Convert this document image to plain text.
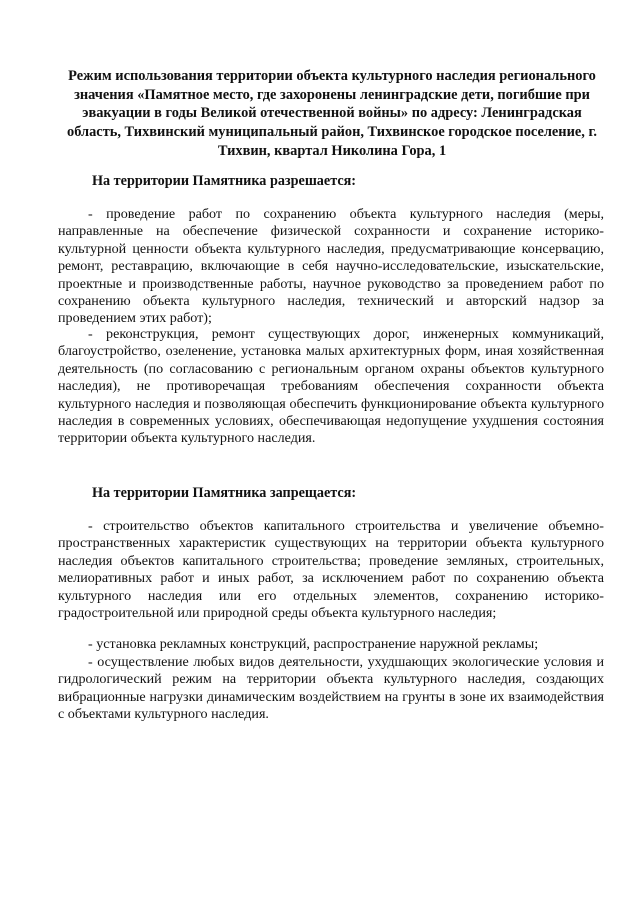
Режим использования территории объекта культурного наследия регионального значения «Памятное место, где захоронены ленинградские дети, погибшие при эвакуации в годы Великой отечественной войны» по адресу: Ленинградская область, Тихвинский муниципальный район, Тихвинское городское поселение, г. Тихвин, квартал Николина Гора, 1
На территории Памятника разрешается:

- проведение работ по сохранению объекта культурного наследия (меры, направленные на обеспечение физической сохранности и сохранение историко-культурной ценности объекта культурного наследия, предусматривающие консервацию, ремонт, реставрацию, включающие в себя научно-исследовательские, изыскательские, проектные и производственные работы, научное руководство за проведением работ по сохранению объекта культурного наследия, технический и авторский надзор за проведением этих работ);

- реконструкция, ремонт существующих дорог, инженерных коммуникаций, благоустройство, озеленение, установка малых архитектурных форм, иная хозяйственная деятельность (по согласованию с региональным органом охраны объектов культурного наследия), не противоречащая требованиям обеспечения сохранности объекта культурного наследия и позволяющая обеспечить функционирование объекта культурного наследия в современных условиях, обеспечивающая недопущение ухудшения состояния территории объекта культурного наследия.

На территории Памятника запрещается:

- строительство объектов капитального строительства и увеличение объемно-пространственных характеристик существующих на территории объекта культурного наследия объектов капитального строительства; проведение земляных, строительных, мелиоративных работ и иных работ, за исключением работ по сохранению объекта культурного наследия или его отдельных элементов, сохранению историко-градостроительной или природной среды объекта культурного наследия;

- установка рекламных конструкций, распространение наружной рекламы;

- осуществление любых видов деятельности, ухудшающих экологические условия и гидрологический режим на территории объекта культурного наследия, создающих вибрационные нагрузки динамическим воздействием на грунты в зоне их взаимодействия с объектами культурного наследия.
